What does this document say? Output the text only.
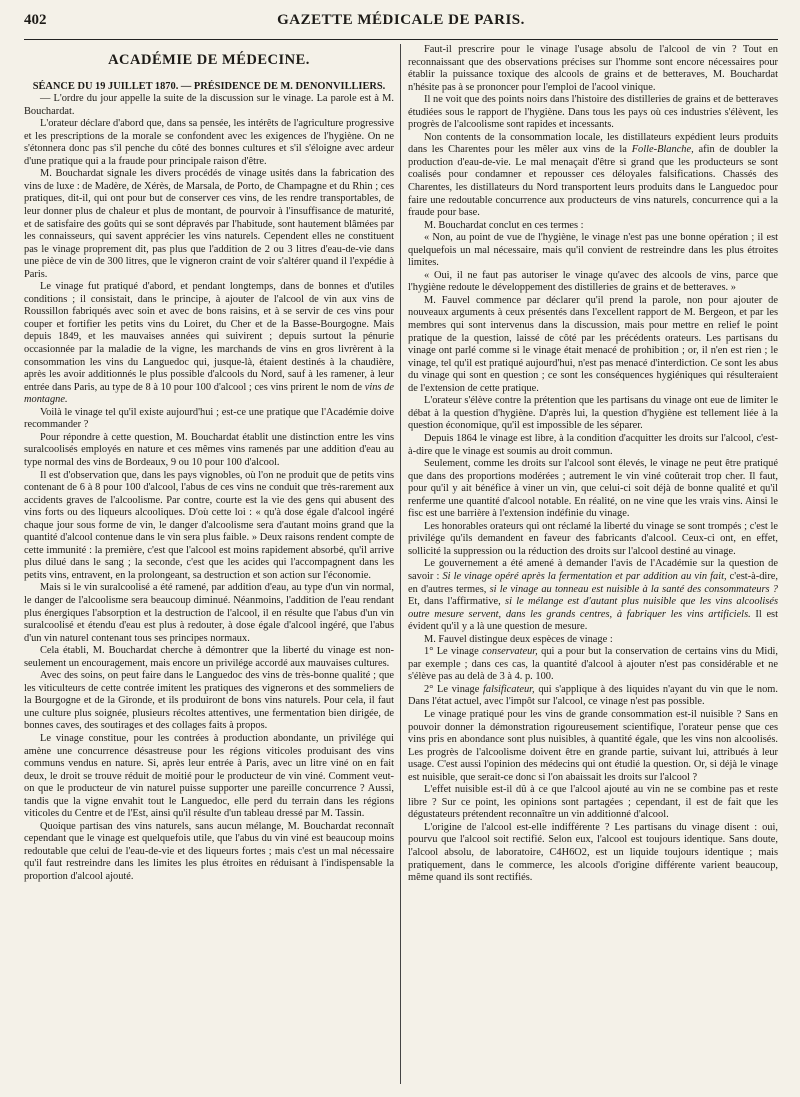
402	GAZETTE MÉDICALE DE PARIS.
ACADÉMIE DE MÉDECINE.

SÉANCE DU 19 JUILLET 1870. — PRÉSIDENCE DE M. DENONVILLIERS.

— L'ordre du jour appelle la suite de la discussion sur le vinage. La parole est à M. Bouchardat.

L'orateur déclare d'abord que, dans sa pensée, les intérêts de l'agriculture progressive et les prescriptions de la morale se confondent avec les exigences de l'hygiène. On ne s'étonnera donc pas s'il penche du côté des bonnes cultures et s'il s'éloigne avec ardeur d'une pratique qui a la fraude pour principale raison d'être.

M. Bouchardat signale les divers procédés de vinage usités dans la fabrication des vins de luxe : de Madère, de Xérès, de Marsala, de Porto, de Champagne et du Rhin ; ces pratiques, dit-il, qui ont pour but de conserver ces vins, de les rendre transportables, de leur donner plus de chaleur et plus de montant, de pourvoir à l'insuffisance de maturité, et de satisfaire des goûts qui se sont dépravés par l'habitude, sont hautement blâmées par les connaisseurs, qui savent apprécier les vins naturels. Cependent elles ne constituent pas le vinage proprement dit, pas plus que l'addition de 2 ou 3 litres d'eau-de-vie dans une pièce de vin de 300 litres, que le vigneron craint de voir s'altérer quand il l'expédie à Paris.

Le vinage fut pratiqué d'abord, et pendant longtemps, dans de bonnes et d'utiles conditions ; il consistait, dans le principe, à ajouter de l'alcool de vin aux vins de Roussillon fabriqués avec soin et avec de bons raisins, et à se servir de ces vins pour couper et fortifier les petits vins du Loiret, du Cher et de la Basse-Bourgogne. Mais depuis 1849, et les mauvaises années qui suivirent ; depuis surtout la pénurie occasionnée par la maladie de la vigne, les marchands de vins en gros livrèrent à la consommation les vins du Languedoc qui, jusque-là, étaient destinés à la chaudière, après les avoir additionnés le plus possible d'alcools du Nord, sauf à les ramener, à leur entrée dans Paris, au type de 8 à 10 pour 100 d'alcool ; ces vins prirent le nom de vins de montagne.

Voilà le vinage tel qu'il existe aujourd'hui ; est-ce une pratique que l'Académie doive recommander ?

Pour répondre à cette question, M. Bouchardat établit une distinction entre les vins suralcoolisés employés en nature et ces mêmes vins ramenés par une addition d'eau au type normal des vins de Bordeaux, 9 ou 10 pour 100 d'alcool.

Il est d'observation que, dans les pays vignobles, où l'on ne produit que de petits vins contenant de 6 à 8 pour 100 d'alcool, l'abus de ces vins ne conduit que très-rarement aux accidents graves de l'alcoolisme. Par contre, courte est la vie des gens qui abusent des vins forts ou des liqueurs alcooliques. D'où cette loi : « qu'à dose égale d'alcool ingéré chaque jour sous forme de vin, le danger d'alcoolisme sera d'autant moins grand que la quantité d'alcool contenue dans le vin sera plus faible. » Deux raisons rendent compte de cette immunité : la première, c'est que l'alcool est moins rapidement absorbé, qu'il arrive plus dilué dans le sang ; la seconde, c'est que les acides qui l'accompagnent dans les petits vins, entravent, en la prolongeant, sa destruction et son action sur l'économie.

Mais si le vin suralcoolisé a été ramené, par addition d'eau, au type d'un vin normal, le danger de l'alcoolisme sera beaucoup diminué. Néanmoins, l'addition de l'eau rendant plus énergiques l'absorption et la destruction de l'alcool, il en résulte que l'abus d'un vin suralcoolisé et étendu d'eau est plus à redouter, à dose égale d'alcool ingéré, que l'abus d'un vin naturel contenant tous ses principes normaux.

Cela établi, M. Bouchardat cherche à démontrer que la liberté du vinage est non-seulement un encouragement, mais encore un privilége accordé aux mauvaises cultures.

Avec des soins, on peut faire dans le Languedoc des vins de très-bonne qualité ; que les viticulteurs de cette contrée imitent les pratiques des vignerons et des sommeliers de la Bourgogne et de la Gironde, et ils produiront de bons vins naturels. Pour cela, il faut une culture plus soignée, plusieurs récoltes attentives, une fermentation bien dirigée, de bonnes caves, des soutirages et des collages faits à propos.

Le vinage constitue, pour les contrées à production abondante, un privilége qui amène une concurrence désastreuse pour les régions viticoles produisant des vins communs vendus en nature. Si, après leur entrée à Paris, avec un litre viné on en fait deux, le droit se trouve réduit de moitié pour le producteur de vin viné. Comment veut-on que le producteur de vin naturel puisse supporter une pareille concurrence ? Aussi, tandis que la vigne envahit tout le Languedoc, elle perd du terrain dans les régions viticoles du Centre et de l'Est, ainsi qu'il résulte d'un tableau dressé par M. Tassin.

Quoique partisan des vins naturels, sans aucun mélange, M. Bouchardat reconnaît cependant que le vinage est quelquefois utile, que l'abus du vin viné est beaucoup moins redoutable que celui de l'eau-de-vie et des liqueurs fortes ; mais c'est un mal nécessaire qu'il faut restreindre dans les limites les plus étroites en réduisant à l'indispensable la proportion d'alcool ajouté.

Faut-il prescrire pour le vinage l'usage absolu de l'alcool de vin ? Tout en reconnaissant que des observations précises sur l'homme sont encore nécessaires pour établir la puissance toxique des alcools de grains et de betteraves, M. Bouchardat n'hésite pas à se prononcer pour l'emploi de l'acool vinique.

Il ne voit que des points noirs dans l'histoire des distilleries de grains et de betteraves étudiées sous le rapport de l'hygiène. Dans tous les pays où ces industries s'élèvent, les progrès de l'alcoolisme sont rapides et incessants.

Non contents de la consommation locale, les distillateurs expédient leurs produits dans les Charentes pour les mêler aux vins de la Folle-Blanche, afin de doubler la production d'eau-de-vie. Le mal menaçait d'être si grand que les producteurs se sont coalisés pour condamner et repousser ces déloyales falsifications. Chassés des Charentes, les distillateurs du Nord transportent leurs produits dans le Languedoc pour faire une redoutable concurrence aux producteurs de vins naturels, concurrence qui a la fraude pour base.

M. Bouchardat conclut en ces termes :

« Non, au point de vue de l'hygiène, le vinage n'est pas une bonne opération ; il est quelquefois un mal nécessaire, mais qu'il convient de restreindre dans les plus étroites limites.

« Oui, il ne faut pas autoriser le vinage qu'avec des alcools de vins, parce que l'hygiène redoute le développement des distilleries de grains et de betteraves. »

M. Fauvel commence par déclarer qu'il prend la parole, non pour ajouter de nouveaux arguments à ceux présentés dans l'excellent rapport de M. Bergeon, et par les membres qui sont intervenus dans la discussion, mais pour mettre en relief le point pratique de la question, laissé de côté par les précédents orateurs. Les partisans du vinage ont parlé comme si le vinage était menacé de prohibition ; or, il n'en est rien ; le vinage, tel qu'il est pratiqué aujourd'hui, n'est pas menacé d'interdiction. Ce sont les abus du vinage qui sont en question ; ce sont les conséquences hygiéniques qui résulteraient de l'extension de cette pratique.

L'orateur s'élève contre la prétention que les partisans du vinage ont eue de limiter le débat à la question d'hygiène. D'après lui, la question d'hygiène est tellement liée à la question économique, qu'il est impossible de les séparer.

Depuis 1864 le vinage est libre, à la condition d'acquitter les droits sur l'alcool, c'est-à-dire que le vinage est soumis au droit commun.

Seulement, comme les droits sur l'alcool sont élevés, le vinage ne peut être pratiqué que dans des proportions modérées ; autrement le vin viné coûterait trop cher. Il faut, pour qu'il y ait bénéfice à viner un vin, que celui-ci soit déjà de bonne qualité et qu'il renferme une quantité d'alcool notable. En réalité, on ne vine que les vrais vins. Ainsi le fisc est une barrière à l'extension indéfinie du vinage.

Les honorables orateurs qui ont réclamé la liberté du vinage se sont trompés ; c'est le privilége qu'ils demandent en faveur des fabricants d'alcool. Ceux-ci ont, en effet, sollicité la suppression ou la réduction des droits sur l'alcool destiné au vinage.

Le gouvernement a été amené à demander l'avis de l'Académie sur la question de savoir : Si le vinage opéré après la fermentation et par addition au vin fait, c'est-à-dire, en d'autres termes, si le vinage au tonneau est nuisible à la santé des consommateurs ? Et, dans l'affirmative, si le mélange est d'autant plus nuisible que les vins alcoolisés outre mesure servent, dans les grands centres, à fabriquer les vins artificiels. Il est évident qu'il y a là une question de mesure.

M. Fauvel distingue deux espèces de vinage :

1° Le vinage conservateur, qui a pour but la conservation de certains vins du Midi, par exemple ; dans ces cas, la quantité d'alcool à ajouter n'est pas considérable et ne s'élève pas au delà de 3 à 4. p. 100.

2° Le vinage falsificateur, qui s'applique à des liquides n'ayant du vin que le nom. Dans l'état actuel, avec l'impôt sur l'alcool, ce vinage n'est pas possible.

Le vinage pratiqué pour les vins de grande consommation est-il nuisible ? Sans en pouvoir donner la démonstration rigoureusement scientifique, l'orateur pense que ces vins pris en abondance sont plus nuisibles, à quantité égale, que les vins non alcoolisés. Les progrès de l'alcoolisme doivent être en grande partie, suivant lui, attribués à leur usage. C'est aussi l'opinion des médecins qui ont étudié la question. Or, si déjà le vinage est nuisible, que serait-ce donc si l'on abaissait les droits sur l'alcool ?

L'effet nuisible est-il dû à ce que l'alcool ajouté au vin ne se combine pas et reste libre ? Sur ce point, les opinions sont partagées ; cependant, il est de fait que les dégustateurs prétendent reconnaître un vin additionné d'alcool.

L'origine de l'alcool est-elle indifférente ? Les partisans du vinage disent : oui, pourvu que l'alcool soit rectifié. Selon eux, l'alcool est toujours identique. Sans doute, l'alcool absolu, de laboratoire, C4H6O2, est un liquide toujours identique ; mais pratiquement, dans le commerce, les alcools d'origine différente varient beaucoup, même quand ils sont rectifiés.
